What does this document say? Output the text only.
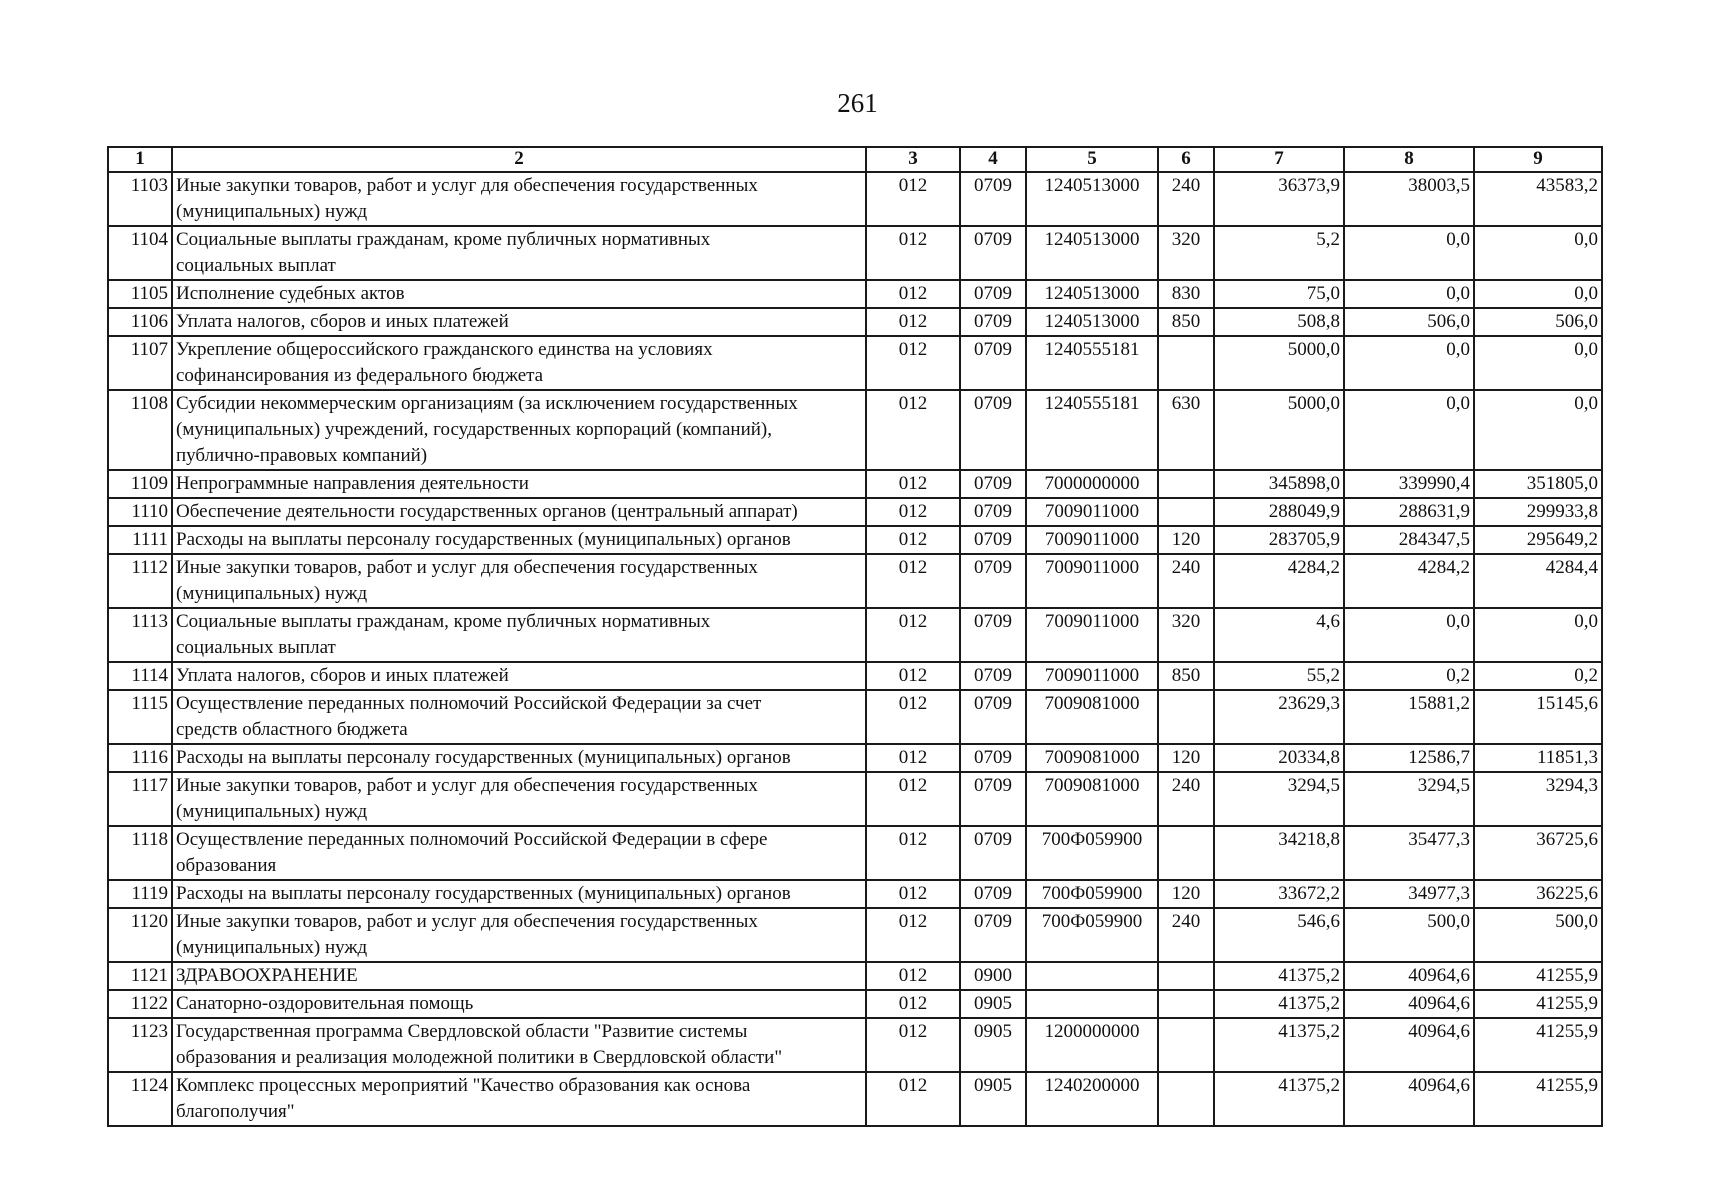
261
1	2	3	4	5	6	7	8	9
1103	Иные закупки товаров, работ и услуг для обеспечения государственных
(муниципальных) нужд	012	0709	1240513000	240	36373,9	38003,5	43583,2
1104	Социальные выплаты гражданам, кроме публичных нормативных
социальных выплат	012	0709	1240513000	320	5,2	0,0	0,0
1105	Исполнение судебных актов	012	0709	1240513000	830	75,0	0,0	0,0
1106	Уплата налогов, сборов и иных платежей	012	0709	1240513000	850	508,8	506,0	506,0
1107	Укрепление общероссийского гражданского единства на условиях
софинансирования из федерального бюджета	012	0709	1240555181		5000,0	0,0	0,0
1108	Субсидии некоммерческим организациям (за исключением государственных
(муниципальных) учреждений, государственных корпораций (компаний),
публично-правовых компаний)	012	0709	1240555181	630	5000,0	0,0	0,0
1109	Непрограммные направления деятельности	012	0709	7000000000		345898,0	339990,4	351805,0
1110	Обеспечение деятельности государственных органов (центральный аппарат)	012	0709	7009011000		288049,9	288631,9	299933,8
1111	Расходы на выплаты персоналу государственных (муниципальных) органов	012	0709	7009011000	120	283705,9	284347,5	295649,2
1112	Иные закупки товаров, работ и услуг для обеспечения государственных
(муниципальных) нужд	012	0709	7009011000	240	4284,2	4284,2	4284,4
1113	Социальные выплаты гражданам, кроме публичных нормативных
социальных выплат	012	0709	7009011000	320	4,6	0,0	0,0
1114	Уплата налогов, сборов и иных платежей	012	0709	7009011000	850	55,2	0,2	0,2
1115	Осуществление переданных полномочий Российской Федерации за счет
средств областного бюджета	012	0709	7009081000		23629,3	15881,2	15145,6
1116	Расходы на выплаты персоналу государственных (муниципальных) органов	012	0709	7009081000	120	20334,8	12586,7	11851,3
1117	Иные закупки товаров, работ и услуг для обеспечения государственных
(муниципальных) нужд	012	0709	7009081000	240	3294,5	3294,5	3294,3
1118	Осуществление переданных полномочий Российской Федерации в сфере
образования	012	0709	700Ф059900		34218,8	35477,3	36725,6
1119	Расходы на выплаты персоналу государственных (муниципальных) органов	012	0709	700Ф059900	120	33672,2	34977,3	36225,6
1120	Иные закупки товаров, работ и услуг для обеспечения государственных
(муниципальных) нужд	012	0709	700Ф059900	240	546,6	500,0	500,0
1121	ЗДРАВООХРАНЕНИЕ	012	0900			41375,2	40964,6	41255,9
1122	Санаторно-оздоровительная помощь	012	0905			41375,2	40964,6	41255,9
1123	Государственная программа Свердловской области "Развитие системы
образования и реализация молодежной политики в Свердловской области"	012	0905	1200000000		41375,2	40964,6	41255,9
1124	Комплекс процессных мероприятий "Качество образования как основа
благополучия"	012	0905	1240200000		41375,2	40964,6	41255,9
